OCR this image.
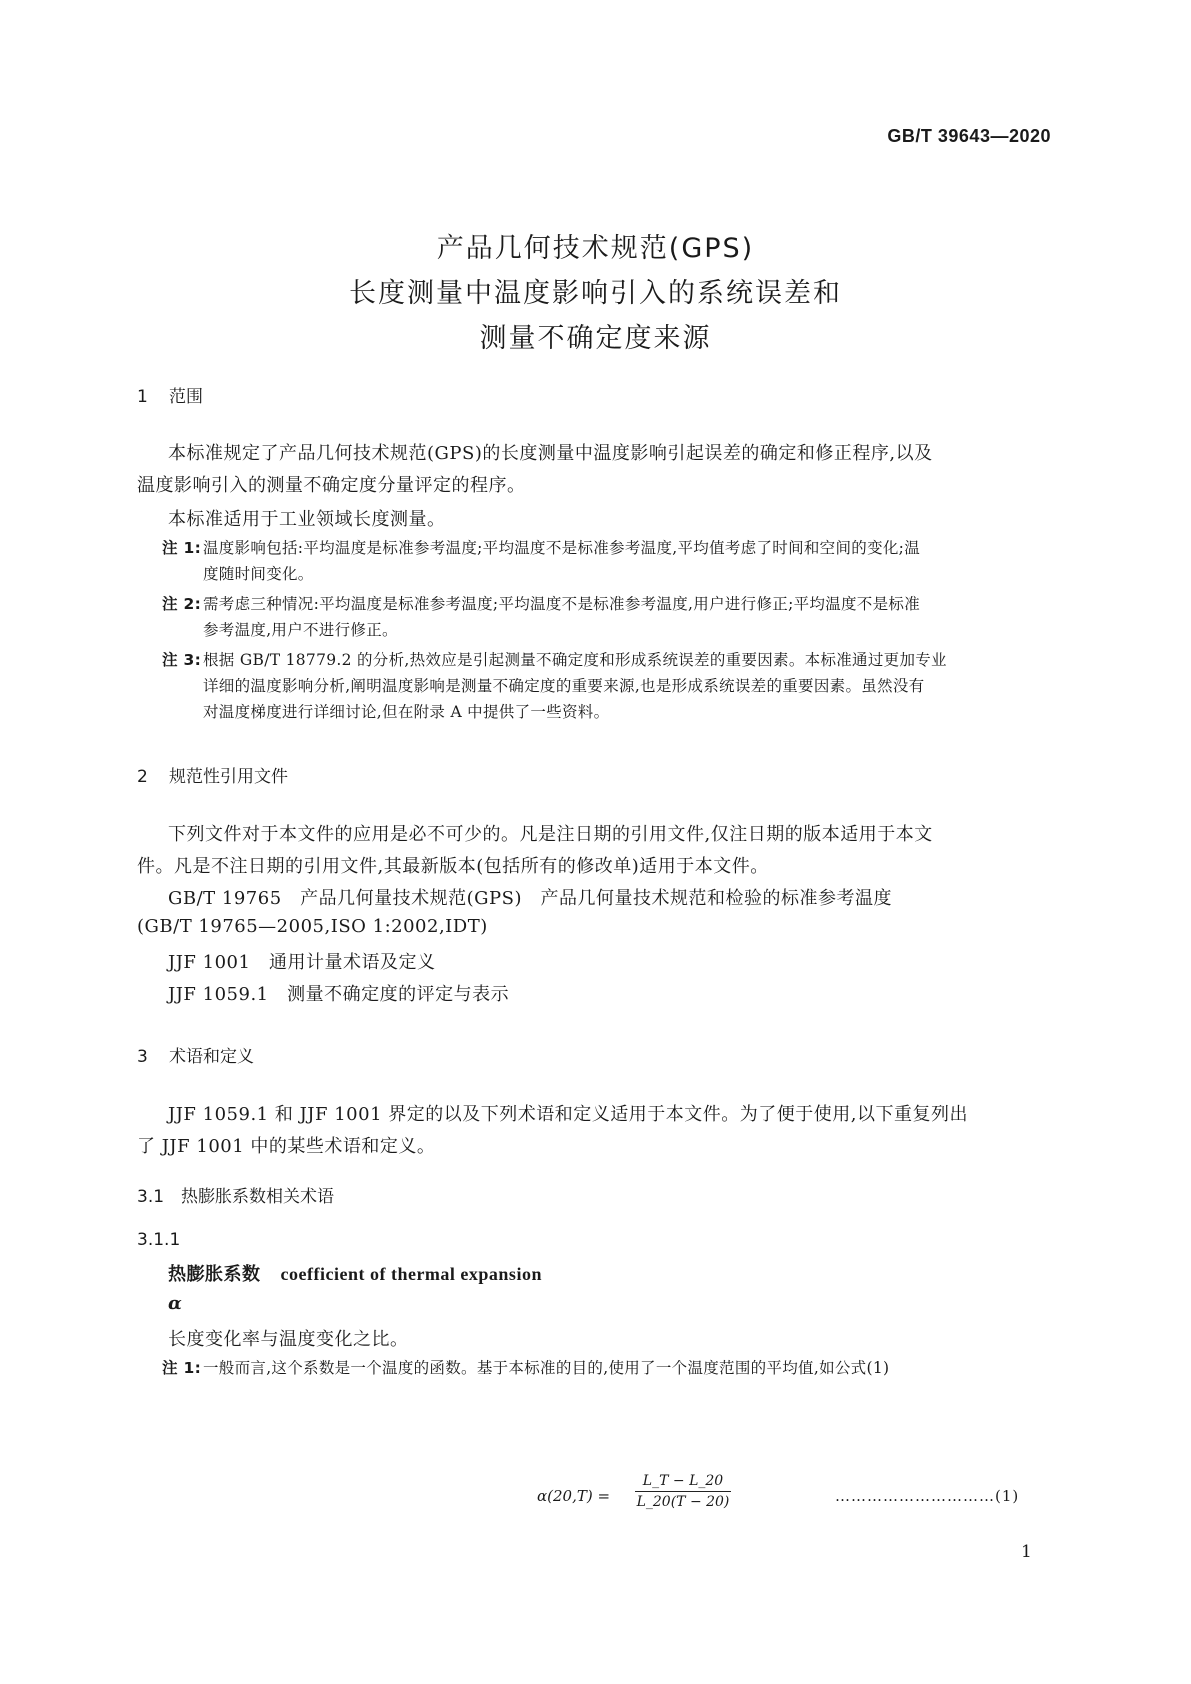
GB/T 39643—2020
产品几何技术规范(GPS)
长度测量中温度影响引入的系统误差和
测量不确定度来源
1 范围
本标准规定了产品几何技术规范(GPS)的长度测量中温度影响引起误差的确定和修正程序,以及
温度影响引入的测量不确定度分量评定的程序。
本标准适用于工业领域长度测量。
注 1: 温度影响包括:平均温度是标准参考温度;平均温度不是标准参考温度,平均值考虑了时间和空间的变化;温
度随时间变化。
注 2: 需考虑三种情况:平均温度是标准参考温度;平均温度不是标准参考温度,用户进行修正;平均温度不是标准
参考温度,用户不进行修正。
注 3: 根据 GB/T 18779.2 的分析,热效应是引起测量不确定度和形成系统误差的重要因素。本标准通过更加专业
详细的温度影响分析,阐明温度影响是测量不确定度的重要来源,也是形成系统误差的重要因素。虽然没有
对温度梯度进行详细讨论,但在附录 A 中提供了一些资料。
2 规范性引用文件
下列文件对于本文件的应用是必不可少的。凡是注日期的引用文件,仅注日期的版本适用于本文
件。凡是不注日期的引用文件,其最新版本(包括所有的修改单)适用于本文件。
GB/T 19765　产品几何量技术规范(GPS)　产品几何量技术规范和检验的标准参考温度
(GB/T 19765—2005,ISO 1:2002,IDT)
JJF 1001　通用计量术语及定义
JJF 1059.1　测量不确定度的评定与表示
3 术语和定义
JJF 1059.1 和 JJF 1001 界定的以及下列术语和定义适用于本文件。为了便于使用,以下重复列出
了 JJF 1001 中的某些术语和定义。
3.1 热膨胀系数相关术语
3.1.1
热膨胀系数 coefficient of thermal expansion
α
长度变化率与温度变化之比。
注 1: 一般而言,这个系数是一个温度的函数。基于本标准的目的,使用了一个温度范围的平均值,如公式(1)
α(20,T) =
L_T − L_20
L_20(T − 20)	…………………………(1)
1
